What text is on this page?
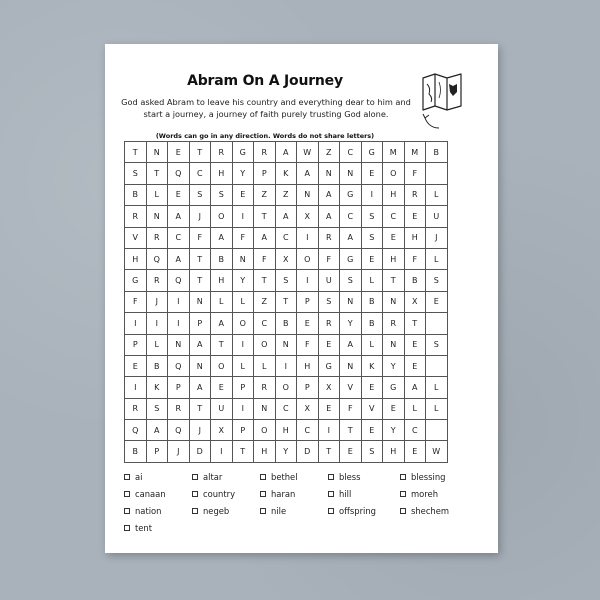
Abram On A Journey
God asked Abram to leave his country and everything dear to him and start a journey, a journey of faith purely trusting God alone.
(Words can go in any direction. Words do not share letters)
T	N	E	T	R	G	R	A	W	Z	C	G	M	M	B
S	T	Q	C	H	Y	P	K	A	N	N	E	O	F	
B	L	E	S	S	E	Z	Z	N	A	G	I	H	R	L
R	N	A	J	O	I	T	A	X	A	C	S	C	E	U
V	R	C	F	A	F	A	C	I	R	A	S	E	H	J
H	Q	A	T	B	N	F	X	O	F	G	E	H	F	L
G	R	Q	T	H	Y	T	S	I	U	S	L	T	B	S
F	J	I	N	L	L	Z	T	P	S	N	B	N	X	E
I	I	I	P	A	O	C	B	E	R	Y	B	R	T	
P	L	N	A	T	I	O	N	F	E	A	L	N	E	S
E	B	Q	N	O	L	L	I	H	G	N	K	Y	E	
I	K	P	A	E	P	R	O	P	X	V	E	G	A	L
R	S	R	T	U	I	N	C	X	E	F	V	E	L	L
Q	A	Q	J	X	P	O	H	C	I	T	E	Y	C	
B	P	J	D	I	T	H	Y	D	T	E	S	H	E	W
ai	altar	bethel	bless	blessing
canaan	country	haran	hill	moreh
nation	negeb	nile	offspring	shechem
tent
